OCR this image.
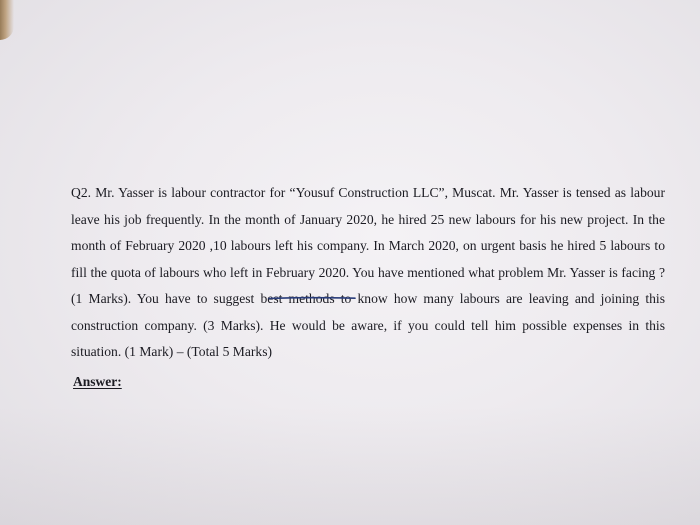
Q2. Mr. Yasser is labour contractor for “Yousuf Construction LLC”, Muscat. Mr. Yasser is tensed as labour leave his job frequently. In the month of January 2020, he hired 25 new labours for his new project. In the month of February 2020 ,10 labours left his company. In March 2020, on urgent basis he hired 5 labours to fill the quota of labours who left in February 2020. You have mentioned what problem Mr. Yasser is facing ? (1 Marks). You have to suggest best methods to know how many labours are leaving and joining this construction company. (3 Marks). He would be aware, if you could tell him possible expenses in this situation. (1 Mark) – (Total 5 Marks)

Answer:
